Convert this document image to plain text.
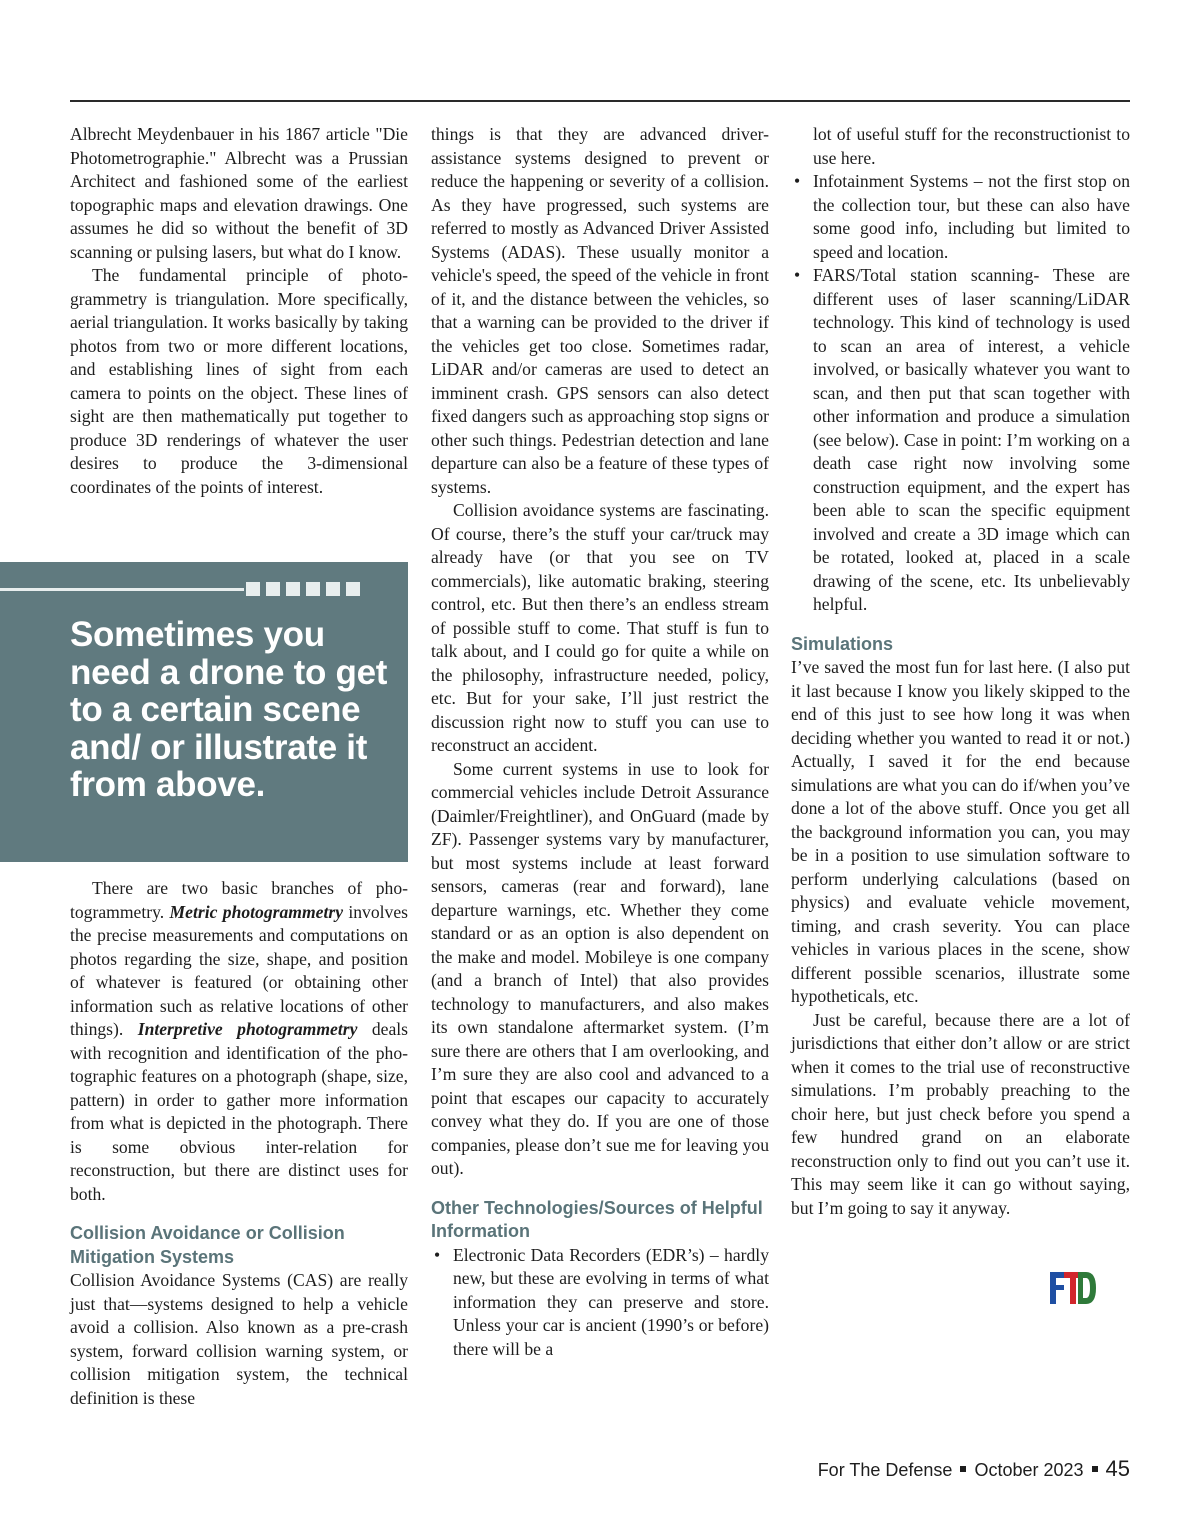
Albrecht Meydenbauer in his 1867 article "Die Photometrographie." Albrecht was a Prussian Architect and fashioned some of the earliest topographic maps and elevation drawings. One assumes he did so without the benefit of 3D scanning or pulsing lasers, but what do I know.

The fundamental principle of photogrammetry is triangulation. More specifically, aerial triangulation. It works basically by taking photos from two or more different locations, and establishing lines of sight from each camera to points on the object. These lines of sight are then mathematically put together to produce 3D renderings of whatever the user desires to produce the 3-dimensional coordinates of the points of interest.

Sometimes you need a drone to get to a certain scene and/ or illustrate it from above.

There are two basic branches of photogrammetry. Metric photogrammetry involves the precise measurements and computations on photos regarding the size, shape, and position of whatever is featured (or obtaining other information such as relative locations of other things). Interpretive photogrammetry deals with recognition and identification of the photographic features on a photograph (shape, size, pattern) in order to gather more information from what is depicted in the photograph. There is some obvious inter-relation for reconstruction, but there are distinct uses for both.

Collision Avoidance or Collision Mitigation Systems

Collision Avoidance Systems (CAS) are really just that—systems designed to help a vehicle avoid a collision. Also known as a pre-crash system, forward collision warning system, or collision mitigation system, the technical definition is these

things is that they are advanced driver-assistance systems designed to prevent or reduce the happening or severity of a collision. As they have progressed, such systems are referred to mostly as Advanced Driver Assisted Systems (ADAS). These usually monitor a vehicle's speed, the speed of the vehicle in front of it, and the distance between the vehicles, so that a warning can be provided to the driver if the vehicles get too close. Sometimes radar, LiDAR and/or cameras are used to detect an imminent crash. GPS sensors can also detect fixed dangers such as approaching stop signs or other such things. Pedestrian detection and lane departure can also be a feature of these types of systems.

Collision avoidance systems are fascinating. Of course, there’s the stuff your car/truck may already have (or that you see on TV commercials), like automatic braking, steering control, etc. But then there’s an endless stream of possible stuff to come. That stuff is fun to talk about, and I could go for quite a while on the philosophy, infrastructure needed, policy, etc. But for your sake, I’ll just restrict the discussion right now to stuff you can use to reconstruct an accident.

Some current systems in use to look for commercial vehicles include Detroit Assurance (Daimler/Freightliner), and OnGuard (made by ZF). Passenger systems vary by manufacturer, but most systems include at least forward sensors, cameras (rear and forward), lane departure warnings, etc. Whether they come standard or as an option is also dependent on the make and model. Mobileye is one company (and a branch of Intel) that also provides technology to manufacturers, and also makes its own standalone aftermarket system. (I’m sure there are others that I am overlooking, and I’m sure they are also cool and advanced to a point that escapes our capacity to accurately convey what they do. If you are one of those companies, please don’t sue me for leaving you out).

Other Technologies/Sources of Helpful Information

• Electronic Data Recorders (EDR’s) – hardly new, but these are evolving in terms of what information they can preserve and store. Unless your car is ancient (1990’s or before) there will be a
lot of useful stuff for the reconstructionist to use here.
• Infotainment Systems – not the first stop on the collection tour, but these can also have some good info, including but limited to speed and location.
• FARS/Total station scanning- These are different uses of laser scanning/LiDAR technology. This kind of technology is used to scan an area of interest, a vehicle involved, or basically whatever you want to scan, and then put that scan together with other information and produce a simulation (see below). Case in point: I’m working on a death case right now involving some construction equipment, and the expert has been able to scan the specific equipment involved and create a 3D image which can be rotated, looked at, placed in a scale drawing of the scene, etc. Its unbelievably helpful.

Simulations

I’ve saved the most fun for last here. (I also put it last because I know you likely skipped to the end of this just to see how long it was when deciding whether you wanted to read it or not.) Actually, I saved it for the end because simulations are what you can do if/when you’ve done a lot of the above stuff. Once you get all the background information you can, you may be in a position to use simulation software to perform underlying calculations (based on physics) and evaluate vehicle movement, timing, and crash severity. You can place vehicles in various places in the scene, show different possible scenarios, illustrate some hypotheticals, etc.

Just be careful, because there are a lot of jurisdictions that either don’t allow or are strict when it comes to the trial use of reconstructive simulations. I’m probably preaching to the choir here, but just check before you spend a few hundred grand on an elaborate reconstruction only to find out you can’t use it. This may seem like it can go without saying, but I’m going to say it anyway.

For The Defense October 2023 45
